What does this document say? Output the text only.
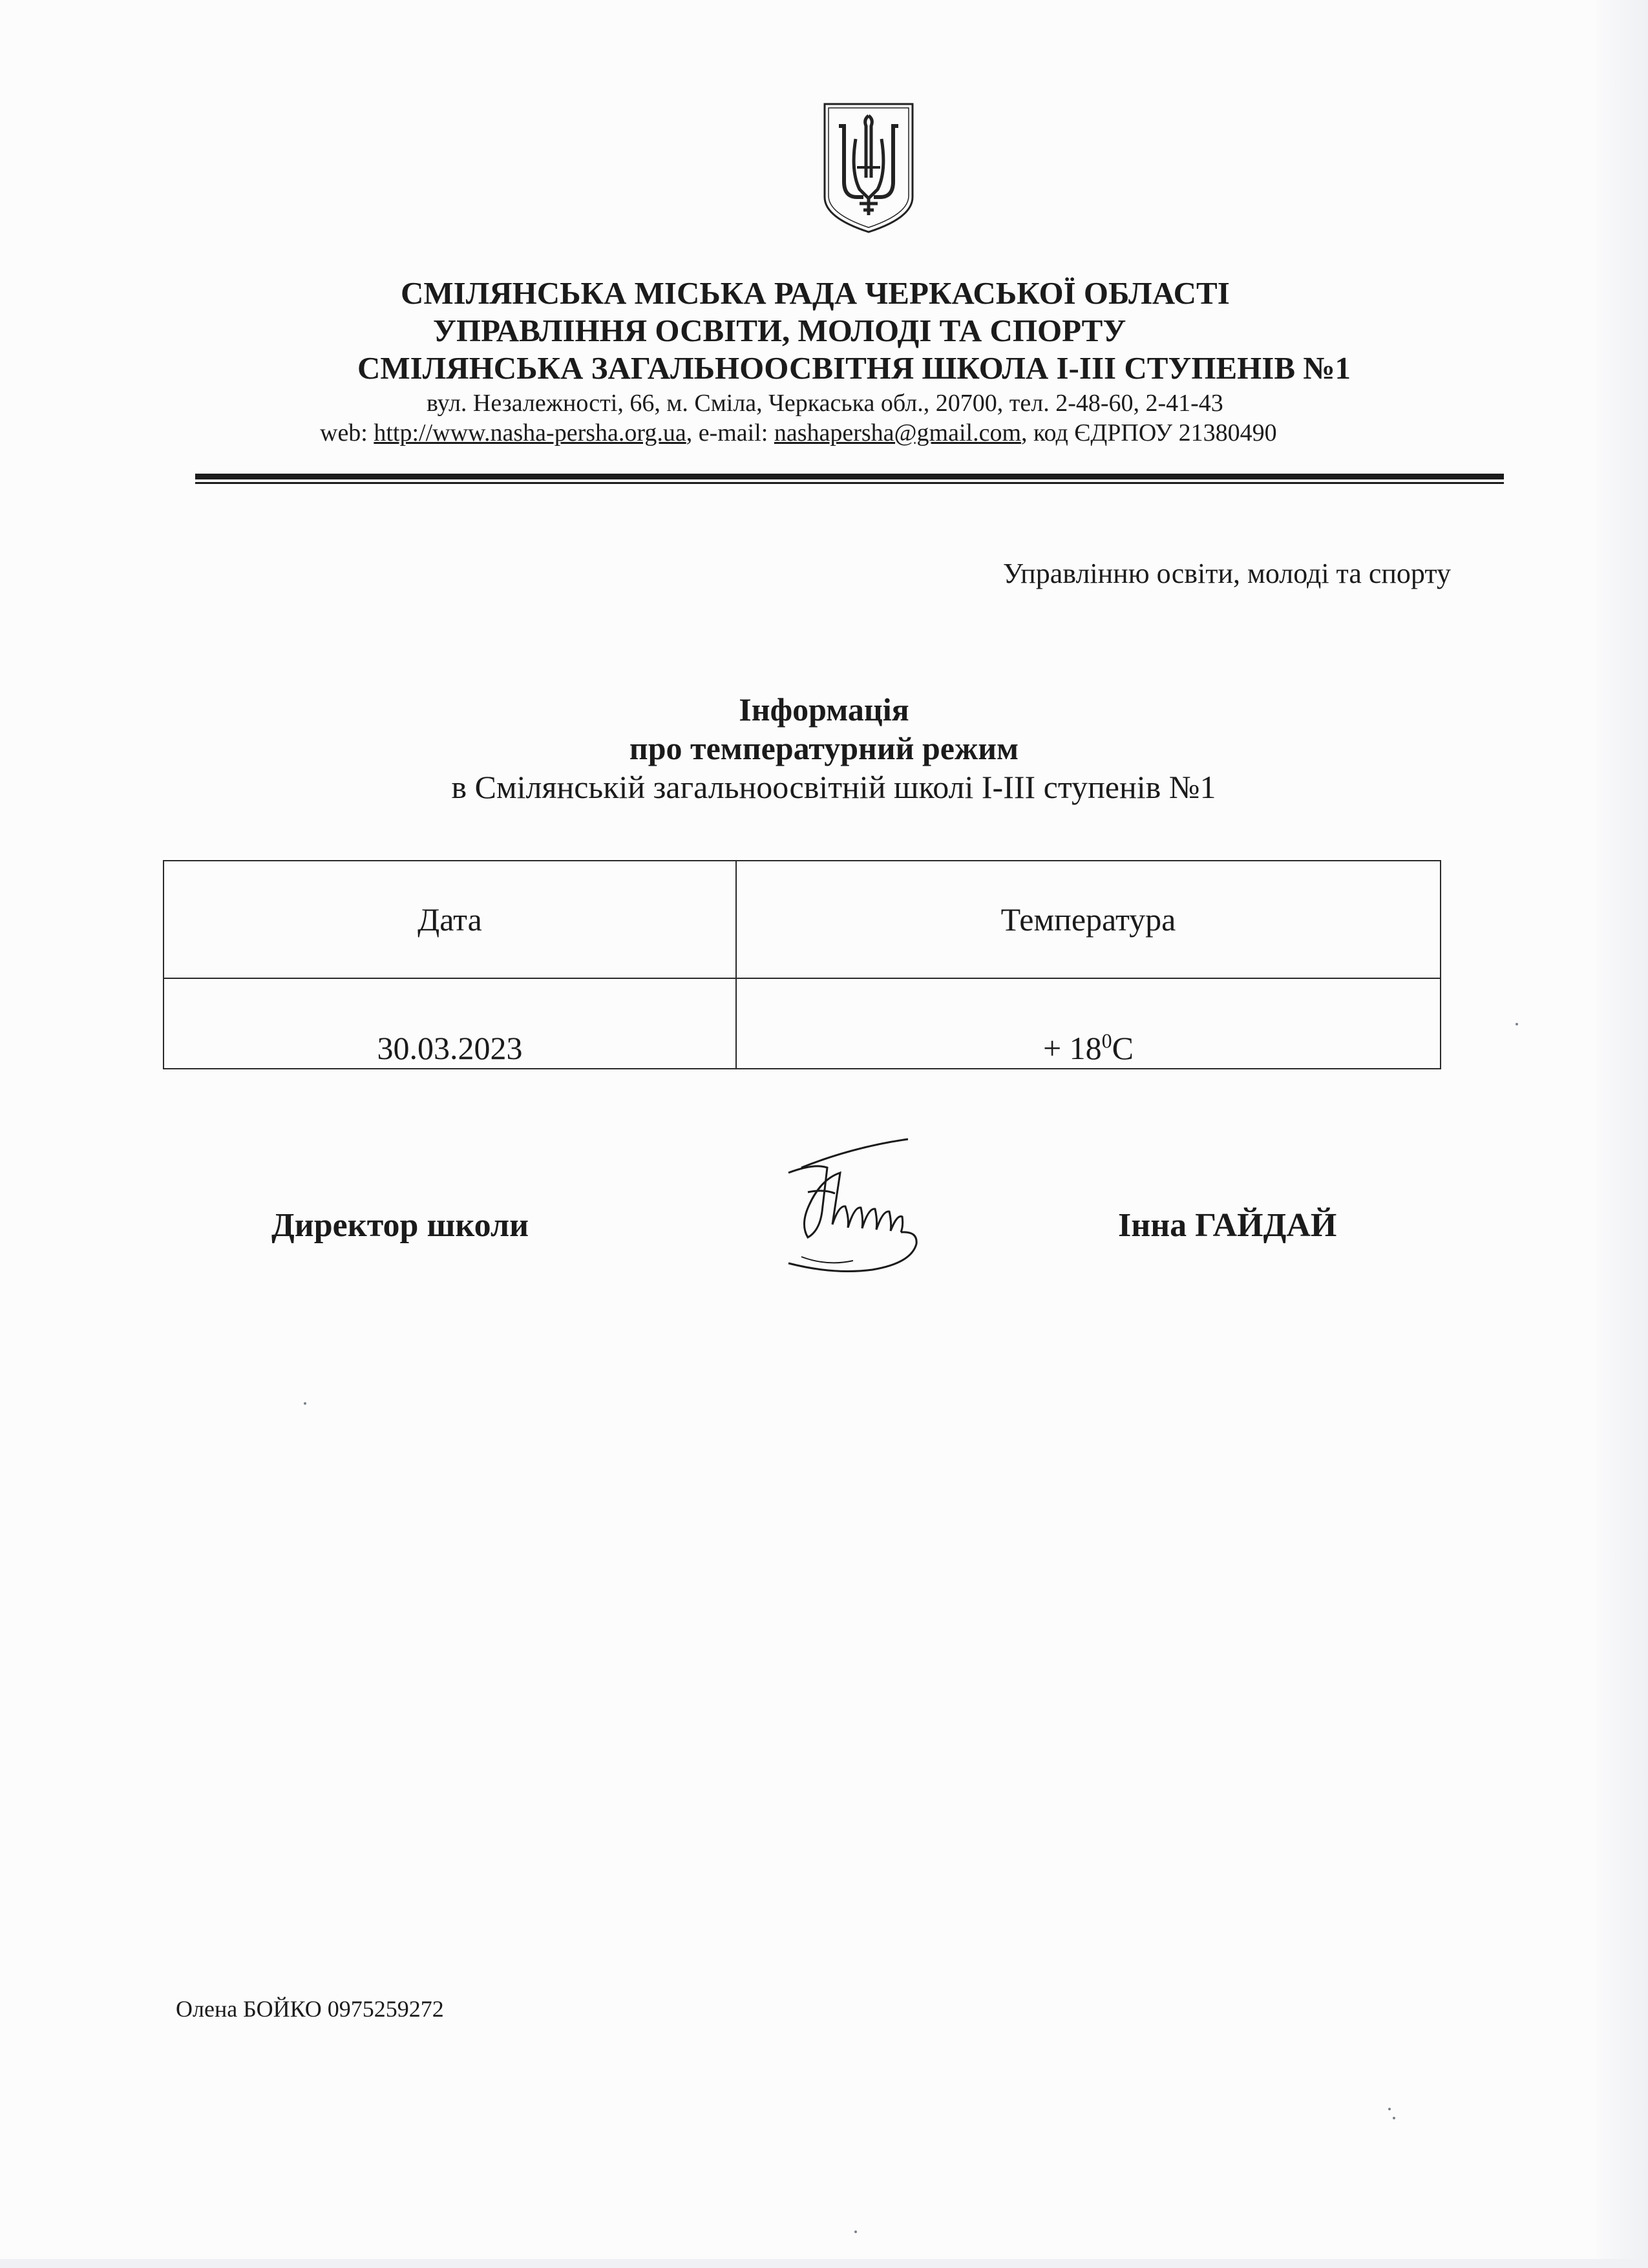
СМІЛЯНСЬКА МІСЬКА РАДА ЧЕРКАСЬКОЇ ОБЛАСТІ
УПРАВЛІННЯ ОСВІТИ, МОЛОДІ ТА СПОРТУ
СМІЛЯНСЬКА ЗАГАЛЬНООСВІТНЯ ШКОЛА І-ІІІ СТУПЕНІВ №1
вул. Незалежності, 66, м. Сміла, Черкаська обл., 20700, тел. 2-48-60, 2-41-43
web: http://www.nasha-persha.org.ua, e-mail: nashapersha@gmail.com, код ЄДРПОУ 21380490
Управлінню освіти, молоді та спорту
Інформація
про температурний режим
в Смілянській загальноосвітній школі І-ІІІ ступенів №1
Дата	Температура
30.03.2023	+ $18^0С$
Директор школи	Інна ГАЙДАЙ
Олена БОЙКО 0975259272
